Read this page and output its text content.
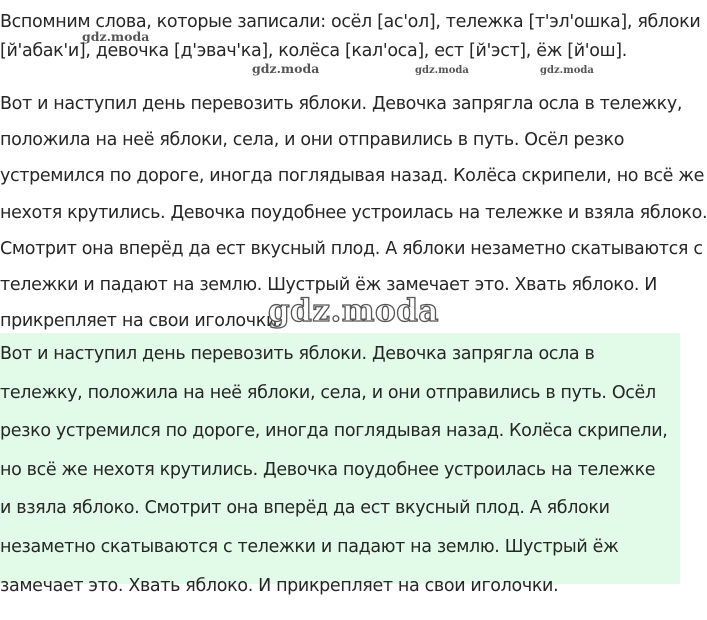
Вспомним слова, которые записали: осёл [ас'ол], тележка [т'эл'ошка], яблоки
[й'абак'и], девочка [д'эвач'ка], колёса [кал'оса], ест [й'эст], ёж [й'ош].
Вот и наступил день перевозить яблоки. Девочка запрягла осла в тележку,
положила на неё яблоки, села, и они отправились в путь. Осёл резко
устремился по дороге, иногда поглядывая назад. Колёса скрипели, но всё же
нехотя крутились. Девочка поудобнее устроилась на тележке и взяла яблоко.
Смотрит она вперёд да ест вкусный плод. А яблоки незаметно скатываются с
тележки и падают на землю. Шустрый ёж замечает это. Хвать яблоко. И
прикрепляет на свои иголочки.
Вот и наступил день перевозить яблоки. Девочка запрягла осла в
тележку, положила на неё яблоки, села, и они отправились в путь. Осёл
резко устремился по дороге, иногда поглядывая назад. Колёса скрипели,
но всё же нехотя крутились. Девочка поудобнее устроилась на тележке
и взяла яблоко. Смотрит она вперёд да ест вкусный плод. А яблоки
незаметно скатываются с тележки и падают на землю. Шустрый ёж
замечает это. Хвать яблоко. И прикрепляет на свои иголочки.
gdz.moda
gdz.moda	gdz.moda	gdz.moda
gdz.moda
